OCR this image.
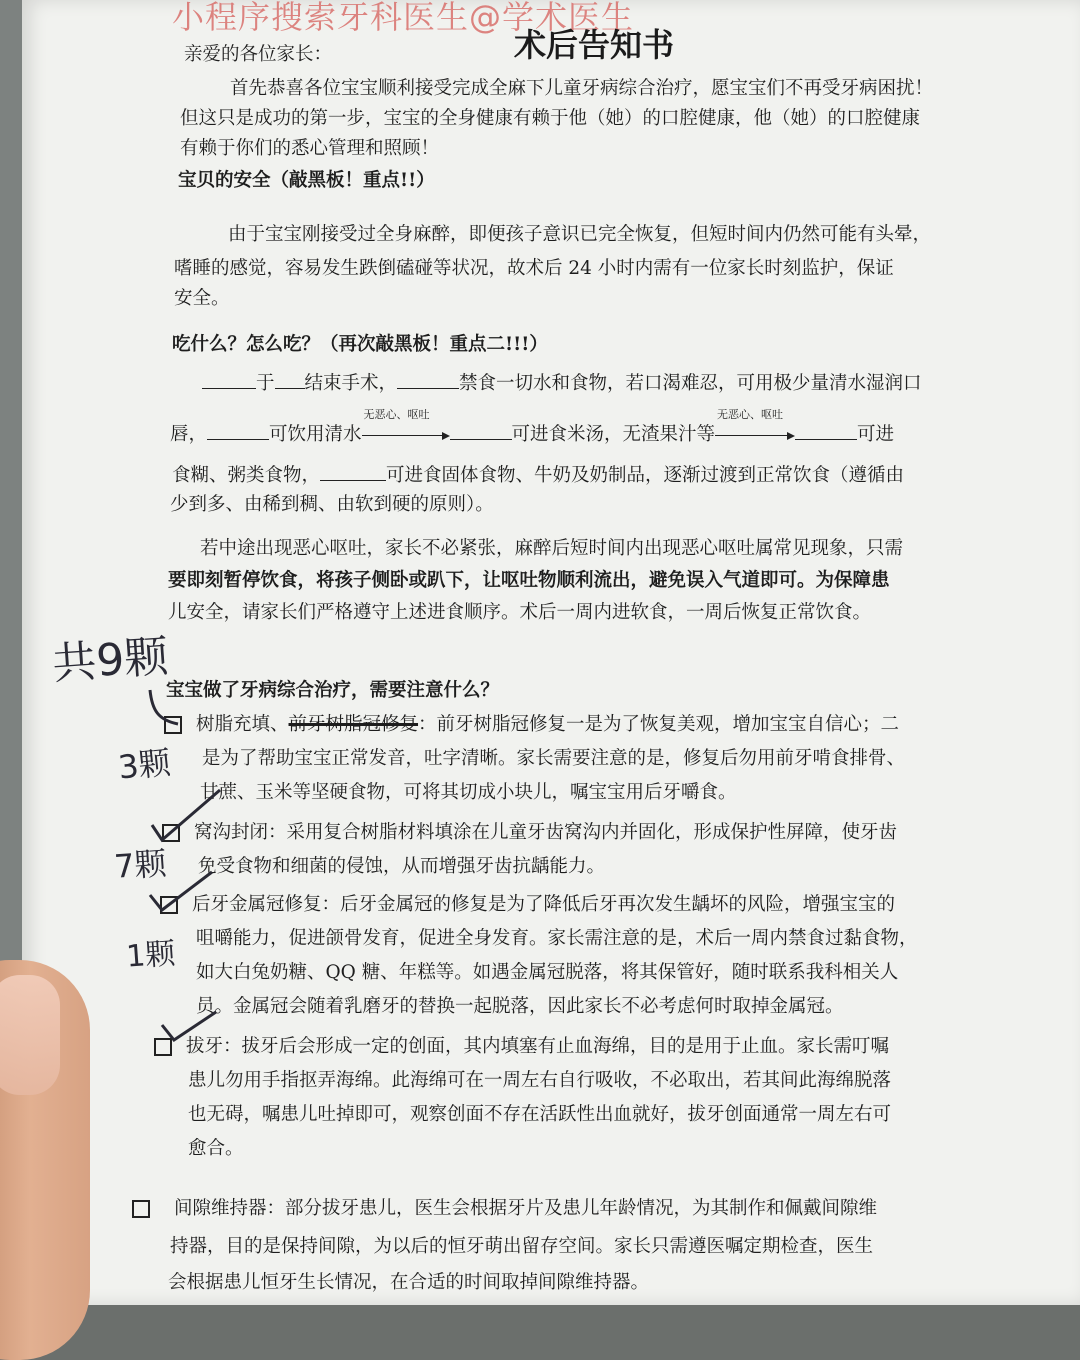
小程序搜索牙科医生@学术医生
术后告知书
亲爱的各位家长：
首先恭喜各位宝宝顺利接受完成全麻下儿童牙病综合治疗，愿宝宝们不再受牙病困扰！
但这只是成功的第一步，宝宝的全身健康有赖于他（她）的口腔健康，他（她）的口腔健康
有赖于你们的悉心管理和照顾！
宝贝的安全（敲黑板！重点!!）
由于宝宝刚接受过全身麻醉，即便孩子意识已完全恢复，但短时间内仍然可能有头晕，
嗜睡的感觉，容易发生跌倒磕碰等状况，故术后 24 小时内需有一位家长时刻监护，保证
安全。
吃什么？怎么吃？（再次敲黑板！重点二!!!）
于 结束手术，	禁食一切水和食物，若口渴难忍，可用极少量清水湿润口
唇，	可饮用清水
无恶心、呕吐
可进食米汤，无渣果汁等
无恶心、呕吐
可进
食糊、粥类食物，	可进食固体食物、牛奶及奶制品，逐渐过渡到正常饮食（遵循由
少到多、由稀到稠、由软到硬的原则）。
若中途出现恶心呕吐，家长不必紧张，麻醉后短时间内出现恶心呕吐属常见现象，只需
要即刻暂停饮食，将孩子侧卧或趴下，让呕吐物顺利流出，避免误入气道即可。为保障患
儿安全，请家长们严格遵守上述进食顺序。术后一周内进软食，一周后恢复正常饮食。
宝宝做了牙病综合治疗，需要注意什么？
树脂充填、前牙树脂冠修复：前牙树脂冠修复一是为了恢复美观，增加宝宝自信心；二
是为了帮助宝宝正常发音，吐字清晰。家长需要注意的是，修复后勿用前牙啃食排骨、
甘蔗、玉米等坚硬食物，可将其切成小块儿，嘱宝宝用后牙嚼食。
窝沟封闭：采用复合树脂材料填涂在儿童牙齿窝沟内并固化，形成保护性屏障，使牙齿
免受食物和细菌的侵蚀，从而增强牙齿抗龋能力。
后牙金属冠修复：后牙金属冠的修复是为了降低后牙再次发生龋坏的风险，增强宝宝的
咀嚼能力，促进颌骨发育，促进全身发育。家长需注意的是，术后一周内禁食过黏食物，
如大白兔奶糖、QQ 糖、年糕等。如遇金属冠脱落，将其保管好，随时联系我科相关人
员。金属冠会随着乳磨牙的替换一起脱落，因此家长不必考虑何时取掉金属冠。
拔牙：拔牙后会形成一定的创面，其内填塞有止血海绵，目的是用于止血。家长需叮嘱
患儿勿用手指抠弄海绵。此海绵可在一周左右自行吸收，不必取出，若其间此海绵脱落
也无碍，嘱患儿吐掉即可，观察创面不存在活跃性出血就好，拔牙创面通常一周左右可
愈合。
间隙维持器：部分拔牙患儿，医生会根据牙片及患儿年龄情况，为其制作和佩戴间隙维
持器，目的是保持间隙，为以后的恒牙萌出留存空间。家长只需遵医嘱定期检查，医生
会根据患儿恒牙生长情况，在合适的时间取掉间隙维持器。
共9颗
3颗
7颗
1颗
